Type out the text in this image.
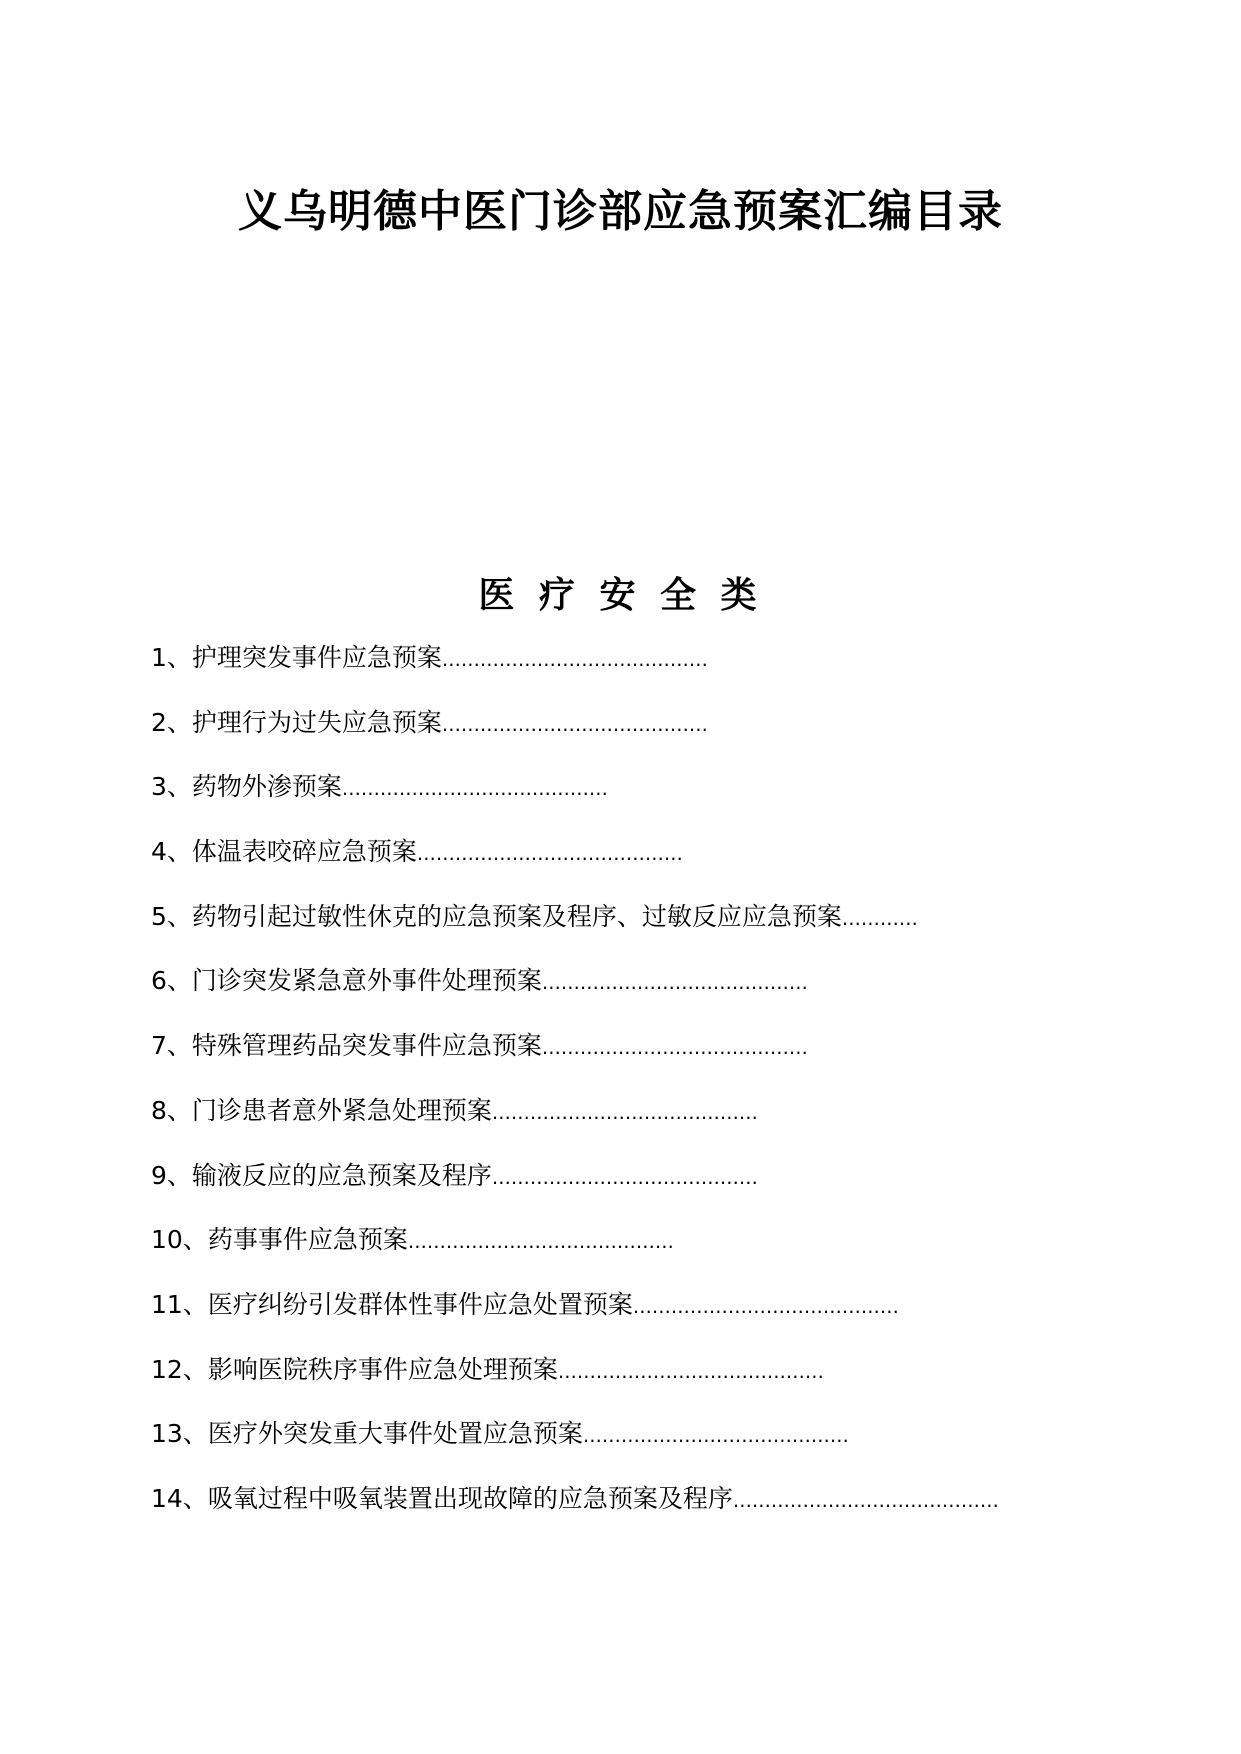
义乌明德中医门诊部应急预案汇编目录
医 疗 安 全 类
1、护理突发事件应急预案……………………………………
2、护理行为过失应急预案……………………………………
3、药物外渗预案……………………………………
4、体温表咬碎应急预案……………………………………
5、药物引起过敏性休克的应急预案及程序、过敏反应应急预案…………
6、门诊突发紧急意外事件处理预案……………………………………
7、特殊管理药品突发事件应急预案……………………………………
8、门诊患者意外紧急处理预案……………………………………
9、输液反应的应急预案及程序……………………………………
10、药事事件应急预案……………………………………
11、医疗纠纷引发群体性事件应急处置预案……………………………………
12、影响医院秩序事件应急处理预案……………………………………
13、医疗外突发重大事件处置应急预案……………………………………
14、吸氧过程中吸氧装置出现故障的应急预案及程序……………………………………
